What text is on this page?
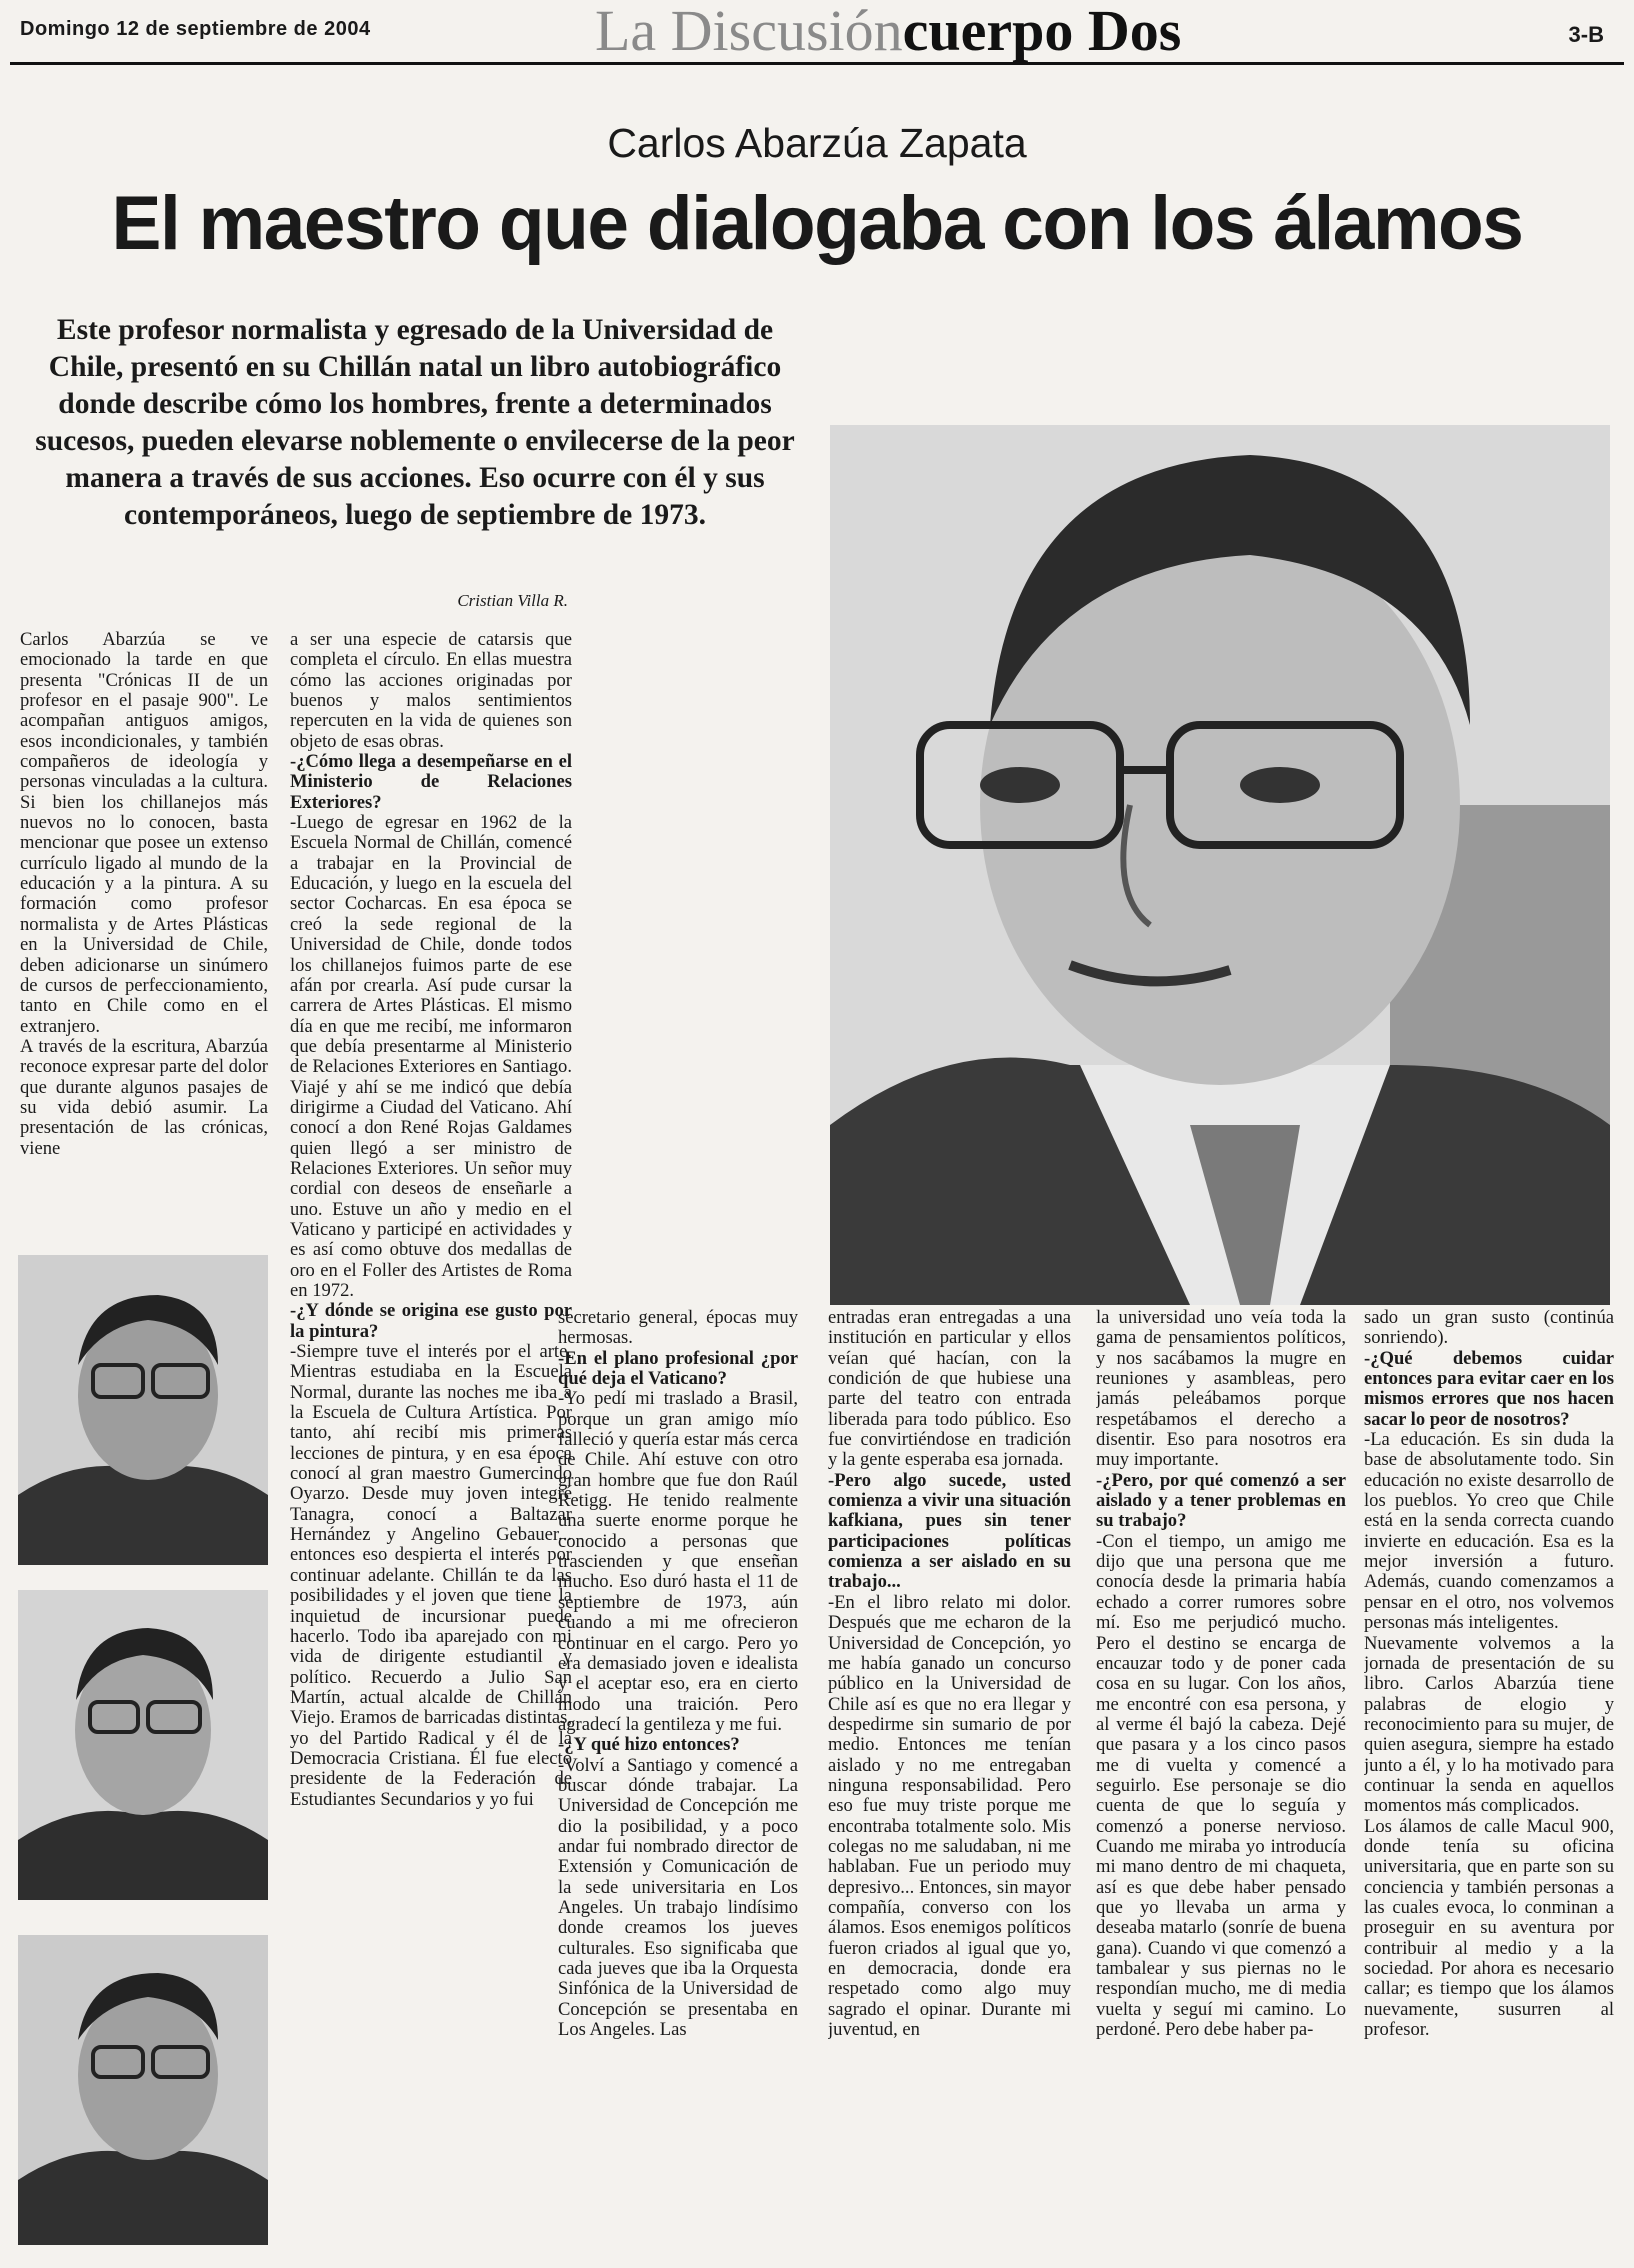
Domingo 12 de septiembre de 2004	La Discusióncuerpo Dos	3-B
Carlos Abarzúa Zapata
El maestro que dialogaba con los álamos

Este profesor normalista y egresado de la Universidad de Chile, presentó en su Chillán natal un libro autobiográfico donde describe cómo los hombres, frente a determinados sucesos, pueden elevarse noblemente o envilecerse de la peor manera a través de sus acciones. Eso ocurre con él y sus contemporáneos, luego de septiembre de 1973.

Cristian Villa R.

Carlos Abarzúa se ve emocionado la tarde en que presenta "Crónicas II de un profesor en el pasaje 900". Le acompañan antiguos amigos, esos incondicionales, y también compañeros de ideología y personas vinculadas a la cultura. Si bien los chillanejos más nuevos no lo conocen, basta mencionar que posee un extenso currículo ligado al mundo de la educación y a la pintura. A su formación como profesor normalista y de Artes Plásticas en la Universidad de Chile, deben adicionarse un sinúmero de cursos de perfeccionamiento, tanto en Chile como en el extranjero.

A través de la escritura, Abarzúa reconoce expresar parte del dolor que durante algunos pasajes de su vida debió asumir. La presentación de las crónicas, viene

a ser una especie de catarsis que completa el círculo. En ellas muestra cómo las acciones originadas por buenos y malos sentimientos repercuten en la vida de quienes son objeto de esas obras.

-¿Cómo llega a desempeñarse en el Ministerio de Relaciones Exteriores?

-Luego de egresar en 1962 de la Escuela Normal de Chillán, comencé a trabajar en la Provincial de Educación, y luego en la escuela del sector Cocharcas. En esa época se creó la sede regional de la Universidad de Chile, donde todos los chillanejos fuimos parte de ese afán por crearla. Así pude cursar la carrera de Artes Plásticas. El mismo día en que me recibí, me informaron que debía presentarme al Ministerio de Relaciones Exteriores en Santiago. Viajé y ahí se me indicó que debía dirigirme a Ciudad del Vaticano. Ahí conocí a don René Rojas Galdames quien llegó a ser ministro de Relaciones Exteriores. Un señor muy cordial con deseos de enseñarle a uno. Estuve un año y medio en el Vaticano y participé en actividades y es así como obtuve dos medallas de oro en el Foller des Artistes de Roma en 1972.

-¿Y dónde se origina ese gusto por la pintura?

-Siempre tuve el interés por el arte. Mientras estudiaba en la Escuela Normal, durante las noches me iba a la Escuela de Cultura Artística. Por tanto, ahí recibí mis primeras lecciones de pintura, y en esa época conocí al gran maestro Gumercindo Oyarzo. Desde muy joven integré Tanagra, conocí a Baltazar Hernández y Angelino Gebauer... entonces eso despierta el interés por continuar adelante. Chillán te da las posibilidades y el joven que tiene la inquietud de incursionar puede hacerlo. Todo iba aparejado con mi vida de dirigente estudiantil y político. Recuerdo a Julio San Martín, actual alcalde de Chillán Viejo. Eramos de barricadas distintas, yo del Partido Radical y él de la Democracia Cristiana. Él fue electo presidente de la Federación de Estudiantes Secundarios y yo fui

secretario general, épocas muy hermosas.

-En el plano profesional ¿por qué deja el Vaticano?

-Yo pedí mi traslado a Brasil, porque un gran amigo mío falleció y quería estar más cerca de Chile. Ahí estuve con otro gran hombre que fue don Raúl Retigg. He tenido realmente una suerte enorme porque he conocido a personas que trascienden y que enseñan mucho. Eso duró hasta el 11 de septiembre de 1973, aún cuando a mi me ofrecieron continuar en el cargo. Pero yo era demasiado joven e idealista y el aceptar eso, era en cierto modo una traición. Pero agradecí la gentileza y me fui.

-¿Y qué hizo entonces?

-Volví a Santiago y comencé a buscar dónde trabajar. La Universidad de Concepción me dio la posibilidad, y a poco andar fui nombrado director de Extensión y Comunicación de la sede universitaria en Los Angeles. Un trabajo lindísimo donde creamos los jueves culturales. Eso significaba que cada jueves que iba la Orquesta Sinfónica de la Universidad de Concepción se presentaba en Los Angeles. Las

entradas eran entregadas a una institución en particular y ellos veían qué hacían, con la condición de que hubiese una parte del teatro con entrada liberada para todo público. Eso fue convirtiéndose en tradición y la gente esperaba esa jornada.

-Pero algo sucede, usted comienza a vivir una situación kafkiana, pues sin tener participaciones políticas comienza a ser aislado en su trabajo...

-En el libro relato mi dolor. Después que me echaron de la Universidad de Concepción, yo me había ganado un concurso público en la Universidad de Chile así es que no era llegar y despedirme sin sumario de por medio. Entonces me tenían aislado y no me entregaban ninguna responsabilidad. Pero eso fue muy triste porque me encontraba totalmente solo. Mis colegas no me saludaban, ni me hablaban. Fue un periodo muy depresivo... Entonces, sin mayor compañía, converso con los álamos. Esos enemigos políticos fueron criados al igual que yo, en democracia, donde era respetado como algo muy sagrado el opinar. Durante mi juventud, en

la universidad uno veía toda la gama de pensamientos políticos, y nos sacábamos la mugre en reuniones y asambleas, pero jamás peleábamos porque respetábamos el derecho a disentir. Eso para nosotros era muy importante.

-¿Pero, por qué comenzó a ser aislado y a tener problemas en su trabajo?

-Con el tiempo, un amigo me dijo que una persona que me conocía desde la primaria había echado a correr rumores sobre mí. Eso me perjudicó mucho. Pero el destino se encarga de encauzar todo y de poner cada cosa en su lugar. Con los años, me encontré con esa persona, y al verme él bajó la cabeza. Dejé que pasara y a los cinco pasos me di vuelta y comencé a seguirlo. Ese personaje se dio cuenta de que lo seguía y comenzó a ponerse nervioso. Cuando me miraba yo introducía mi mano dentro de mi chaqueta, así es que debe haber pensado que yo llevaba un arma y deseaba matarlo (sonríe de buena gana). Cuando vi que comenzó a tambalear y sus piernas no le respondían mucho, me di media vuelta y seguí mi camino. Lo perdoné. Pero debe haber pa-

sado un gran susto (continúa sonriendo).

-¿Qué debemos cuidar entonces para evitar caer en los mismos errores que nos hacen sacar lo peor de nosotros?

-La educación. Es sin duda la base de absolutamente todo. Sin educación no existe desarrollo de los pueblos. Yo creo que Chile está en la senda correcta cuando invierte en educación. Esa es la mejor inversión a futuro. Además, cuando comenzamos a pensar en el otro, nos volvemos personas más inteligentes.

Nuevamente volvemos a la jornada de presentación de su libro. Carlos Abarzúa tiene palabras de elogio y reconocimiento para su mujer, de quien asegura, siempre ha estado junto a él, y lo ha motivado para continuar la senda en aquellos momentos más complicados.

Los álamos de calle Macul 900, donde tenía su oficina universitaria, que en parte son su conciencia y también personas a las cuales evoca, lo conminan a proseguir en su aventura por contribuir al medio y a la sociedad. Por ahora es necesario callar; es tiempo que los álamos nuevamente, susurren al profesor.
